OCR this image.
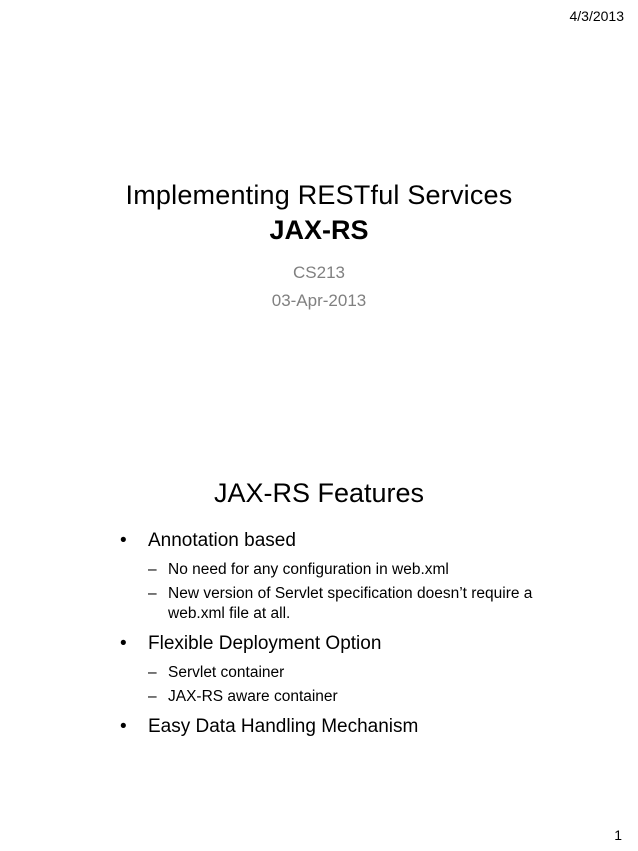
4/3/2013
Implementing RESTful Services
JAX-RS
CS213
03-Apr-2013
JAX-RS Features
• Annotation based
– No need for any configuration in web.xml
– New version of Servlet specification doesn’t require a web.xml file at all.
• Flexible Deployment Option
– Servlet container
– JAX-RS aware container
• Easy Data Handling Mechanism
1
